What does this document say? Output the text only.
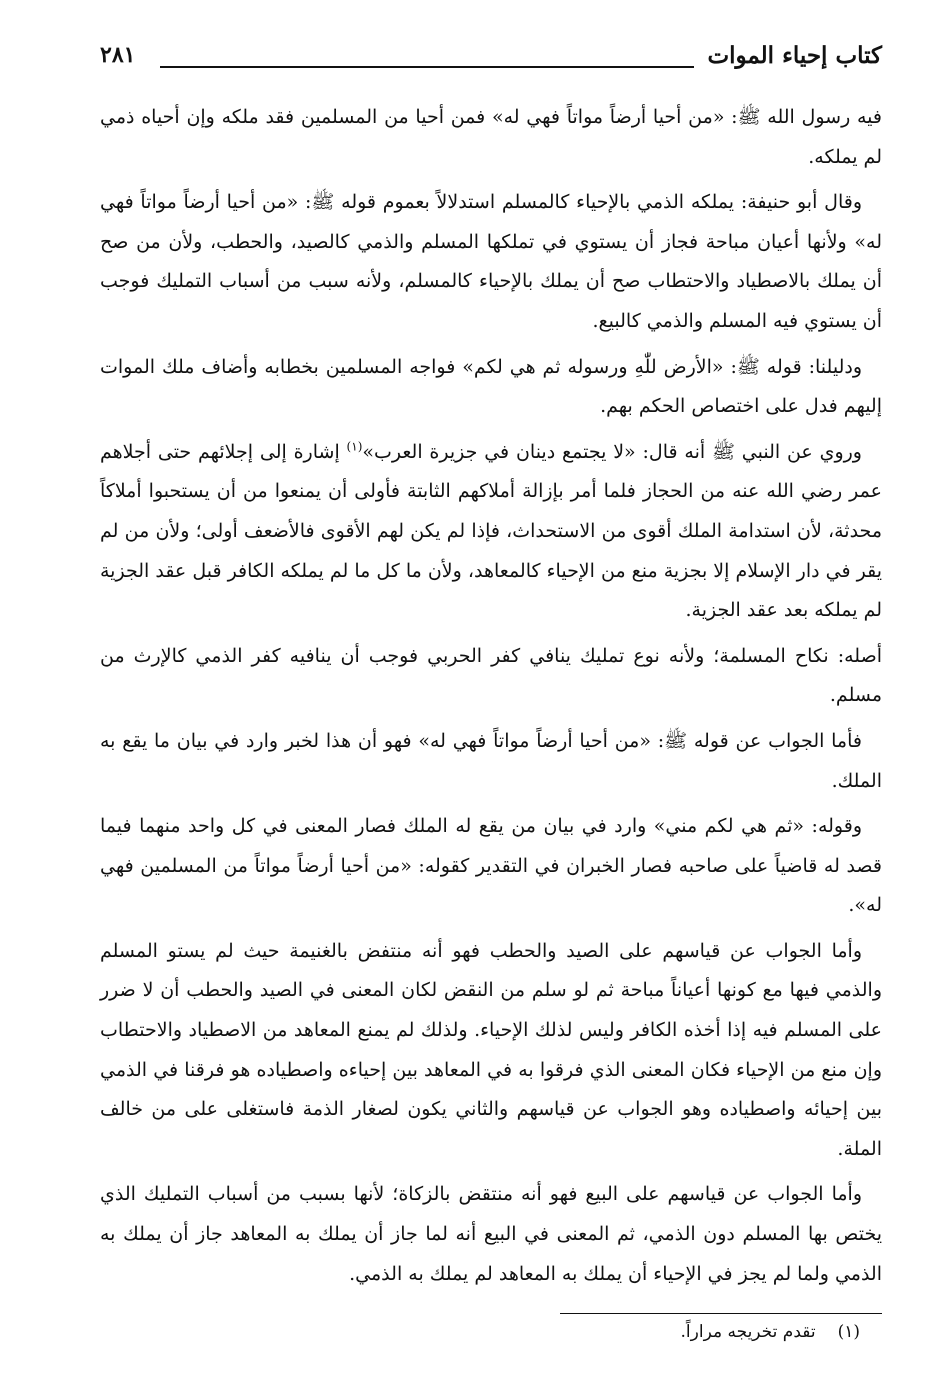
كتاب إحياء الموات
٢٨١

فيه رسول الله ﷺ: «من أحيا أرضاً مواتاً فهي له» فمن أحيا من المسلمين فقد ملكه وإن أحياه ذمي لم يملكه.

وقال أبو حنيفة: يملكه الذمي بالإحياء كالمسلم استدلالاً بعموم قوله ﷺ: «من أحيا أرضاً مواتاً فهي له» ولأنها أعيان مباحة فجاز أن يستوي في تملكها المسلم والذمي كالصيد، والحطب، ولأن من صح أن يملك بالاصطياد والاحتطاب صح أن يملك بالإحياء كالمسلم، ولأنه سبب من أسباب التمليك فوجب أن يستوي فيه المسلم والذمي كالبيع.

ودليلنا: قوله ﷺ: «الأرض للّٰهِ ورسوله ثم هي لكم» فواجه المسلمين بخطابه وأضاف ملك الموات إليهم فدل على اختصاص الحكم بهم.

وروي عن النبي ﷺ أنه قال: «لا يجتمع دينان في جزيرة العرب»$^{(١)}$ إشارة إلى إجلائهم حتى أجلاهم عمر رضي الله عنه من الحجاز فلما أمر بإزالة أملاكهم الثابتة فأولى أن يمنعوا من أن يستحبوا أملاكاً محدثة، لأن استدامة الملك أقوى من الاستحداث، فإذا لم يكن لهم الأقوى فالأضعف أولى؛ ولأن من لم يقر في دار الإسلام إلا بجزية منع من الإحياء كالمعاهد، ولأن ما كل ما لم يملكه الكافر قبل عقد الجزية لم يملكه بعد عقد الجزية.

أصله: نكاح المسلمة؛ ولأنه نوع تمليك ينافي كفر الحربي فوجب أن ينافيه كفر الذمي كالإرث من مسلم.

فأما الجواب عن قوله ﷺ: «من أحيا أرضاً مواتاً فهي له» فهو أن هذا لخبر وارد في بيان ما يقع به الملك.

وقوله: «ثم هي لكم مني» وارد في بيان من يقع له الملك فصار المعنى في كل واحد منهما فيما قصد له قاضياً على صاحبه فصار الخبران في التقدير كقوله: «من أحيا أرضاً مواتاً من المسلمين فهي له».

وأما الجواب عن قياسهم على الصيد والحطب فهو أنه منتفض بالغنيمة حيث لم يستو المسلم والذمي فيها مع كونها أعياناً مباحة ثم لو سلم من النقض لكان المعنى في الصيد والحطب أن لا ضرر على المسلم فيه إذا أخذه الكافر وليس لذلك الإحياء. ولذلك لم يمنع المعاهد من الاصطياد والاحتطاب وإن منع من الإحياء فكان المعنى الذي فرقوا به في المعاهد بين إحياءه واصطياده هو فرقنا في الذمي بين إحيائه واصطياده وهو الجواب عن قياسهم والثاني يكون لصغار الذمة فاستغلى على من خالف الملة.

وأما الجواب عن قياسهم على البيع فهو أنه منتقض بالزكاة؛ لأنها بسبب من أسباب التمليك الذي يختص بها المسلم دون الذمي، ثم المعنى في البيع أنه لما جاز أن يملك به المعاهد جاز أن يملك به الذمي ولما لم يجز في الإحياء أن يملك به المعاهد لم يملك به الذمي.

(١)تقدم تخريجه مراراً.
